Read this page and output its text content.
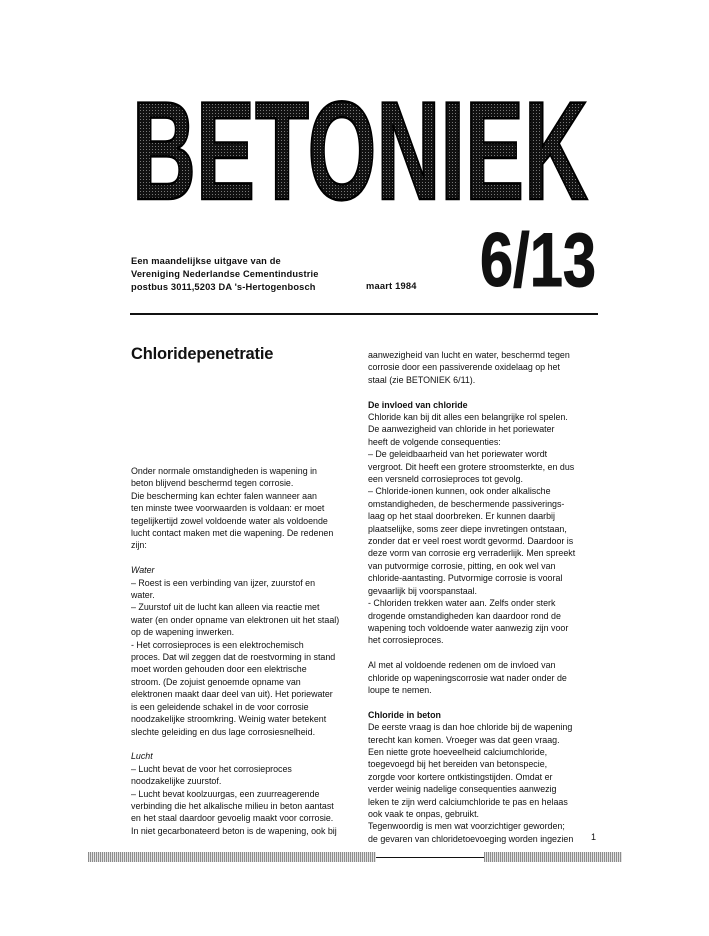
BETONIEK
Een maandelijkse uitgave van de
Vereniging Nederlandse Cementindustrie
postbus 3011,5203 DA 's-Hertogenbosch	maart 1984 6/13
Chloridepenetratie

Onder normale omstandigheden is wapening in

beton blijvend beschermd tegen corrosie.

Die bescherming kan echter falen wanneer aan

ten minste twee voorwaarden is voldaan: er moet

tegelijkertijd zowel voldoende water als voldoende

lucht contact maken met die wapening. De redenen

zijn:

Water

– Roest is een verbinding van ijzer, zuurstof en

water.

– Zuurstof uit de lucht kan alleen via reactie met

water (en onder opname van elektronen uit het staal)

op de wapening inwerken.

- Het corrosieproces is een elektrochemisch

proces. Dat wil zeggen dat de roestvorming in stand

moet worden gehouden door een elektrische

stroom. (De zojuist genoemde opname van

elektronen maakt daar deel van uit). Het poriewater

is een geleidende schakel in de voor corrosie

noodzakelijke stroomkring. Weinig water betekent

slechte geleiding en dus lage corrosiesnelheid.

Lucht

– Lucht bevat de voor het corrosieproces

noodzakelijke zuurstof.

– Lucht bevat koolzuurgas, een zuurreagerende

verbinding die het alkalische milieu in beton aantast

en het staal daardoor gevoelig maakt voor corrosie.

In niet gecarbonateerd beton is de wapening, ook bij

aanwezigheid van lucht en water, beschermd tegen

corrosie door een passiverende oxidelaag op het

staal (zie BETONIEK 6/11).

De invloed van chloride

Chloride kan bij dit alles een belangrijke rol spelen.

De aanwezigheid van chloride in het poriewater

heeft de volgende consequenties:

– De geleidbaarheid van het poriewater wordt

vergroot. Dit heeft een grotere stroomsterkte, en dus

een versneld corrosieproces tot gevolg.

– Chloride-ionen kunnen, ook onder alkalische

omstandigheden, de beschermende passiverings-

laag op het staal doorbreken. Er kunnen daarbij

plaatselijke, soms zeer diepe invretingen ontstaan,

zonder dat er veel roest wordt gevormd. Daardoor is

deze vorm van corrosie erg verraderlijk. Men spreekt

van putvormige corrosie, pitting, en ook wel van

chloride-aantasting. Putvormige corrosie is vooral

gevaarlijk bij voorspanstaal.

- Chloriden trekken water aan. Zelfs onder sterk

drogende omstandigheden kan daardoor rond de

wapening toch voldoende water aanwezig zijn voor

het corrosieproces.

Al met al voldoende redenen om de invloed van

chloride op wapeningscorrosie wat nader onder de

loupe te nemen.

Chloride in beton

De eerste vraag is dan hoe chloride bij de wapening

terecht kan komen. Vroeger was dat geen vraag.

Een niette grote hoeveelheid calciumchloride,

toegevoegd bij het bereiden van betonspecie,

zorgde voor kortere ontkistingstijden. Omdat er

verder weinig nadelige consequenties aanwezig

leken te zijn werd calciumchloride te pas en helaas

ook vaak te onpas, gebruikt.

Tegenwoordig is men wat voorzichtiger geworden;

de gevaren van chloridetoevoeging worden ingezien	1
